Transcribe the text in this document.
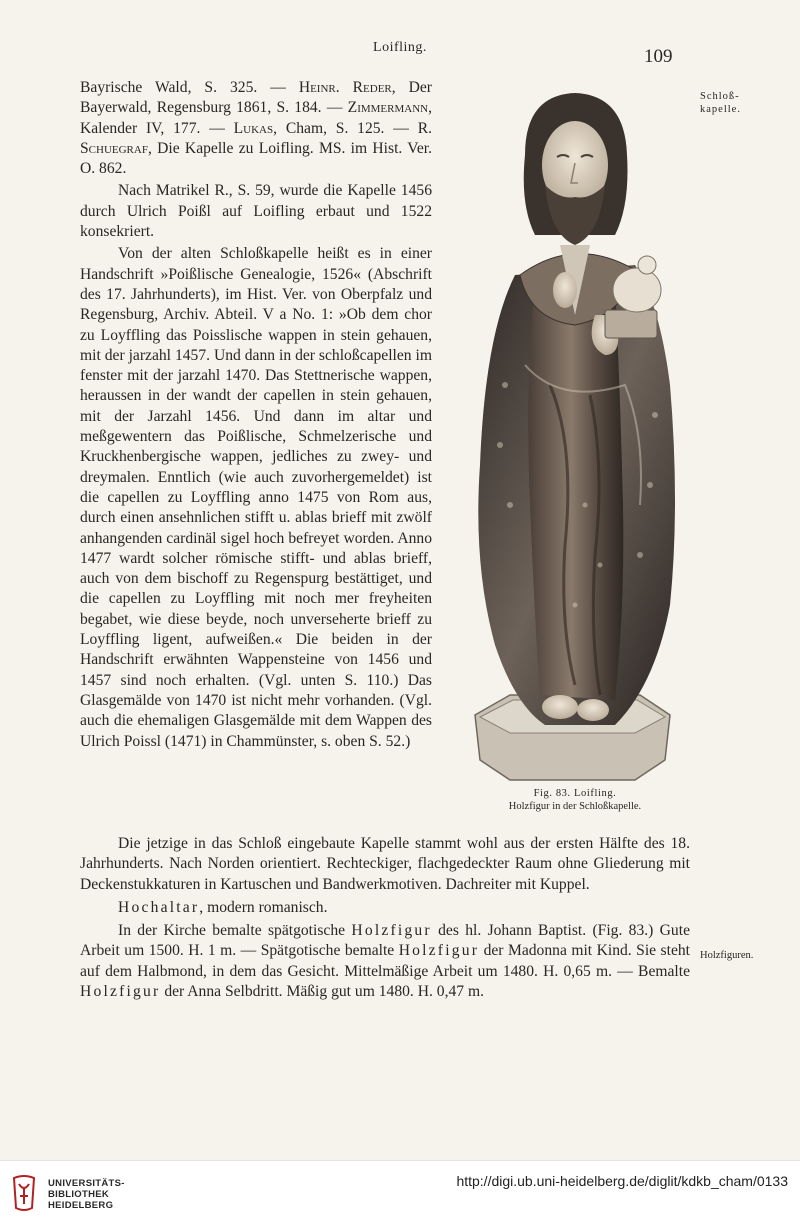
Loifling.	109
Schloß-
kapelle.

Bayrische Wald, S. 325. — Heinr. Reder, Der Bayerwald, Regensburg 1861, S. 184. — Zimmermann, Kalender IV, 177. — Lukas, Cham, S. 125. — R. Schuegraf, Die Kapelle zu Loifling. MS. im Hist. Ver. O. 862.

Nach Matrikel R., S. 59, wurde die Kapelle 1456 durch Ulrich Poißl auf Loifling erbaut und 1522 konsekriert.

Von der alten Schloßkapelle heißt es in einer Handschrift »Poißlische Genealogie, 1526« (Abschrift des 17. Jahrhunderts), im Hist. Ver. von Oberpfalz und Regensburg, Archiv. Abteil. V a No. 1: »Ob dem chor zu Loyffling das Poisslische wappen in stein gehauen, mit der jarzahl 1457. Und dann in der schloßcapellen im fenster mit der jarzahl 1470. Das Stettnerische wappen, heraussen in der wandt der capellen in stein gehauen, mit der Jarzahl 1456. Und dann im altar und meßgewentern das Poißlische, Schmelzerische und Kruckhenbergische wappen, jedliches zu zwey- und dreymalen. Enntlich (wie auch zuvorhergemeldet) ist die capellen zu Loyffling anno 1475 von Rom aus, durch einen ansehnlichen stifft u. ablas brieff mit zwölf anhangenden cardinäl sigel hoch befreyet worden. Anno 1477 wardt solcher römische stifft- und ablas brieff, auch von dem bischoff zu Regenspurg bestättiget, und die capellen zu Loyffling mit noch mer freyheiten begabet, wie diese beyde, noch unverseherte brieff zu Loyffling ligent, aufweißen.« Die beiden in der Handschrift erwähnten Wappensteine von 1456 und 1457 sind noch erhalten. (Vgl. unten S. 110.) Das Glasgemälde von 1470 ist nicht mehr vorhanden. (Vgl. auch die ehemaligen Glasgemälde mit dem Wappen des Ulrich Poissl (1471) in Chammünster, s. oben S. 52.)

Fig. 83. Loifling.
Holzfigur in der Schloßkapelle.

Die jetzige in das Schloß eingebaute Kapelle stammt wohl aus der ersten Hälfte des 18. Jahrhunderts. Nach Norden orientiert. Rechteckiger, flachgedeckter Raum ohne Gliederung mit Deckenstukkaturen in Kartuschen und Bandwerkmotiven. Dachreiter mit Kuppel.

Hochaltar, modern romanisch.

In der Kirche bemalte spätgotische Holzfigur des hl. Johann Baptist. (Fig. 83.) Gute Arbeit um 1500. H. 1 m. — Spätgotische bemalte Holzfigur der Madonna mit Kind. Sie steht auf dem Halbmond, in dem das Gesicht. Mittelmäßige Arbeit um 1480. H. 0,65 m. — Bemalte Holzfigur der Anna Selbdritt. Mäßig gut um 1480. H. 0,47 m.

Holzfiguren.
UNIVERSITÄTS-
BIBLIOTHEK
HEIDELBERG
http://digi.ub.uni-heidelberg.de/diglit/kdkb_cham/0133
